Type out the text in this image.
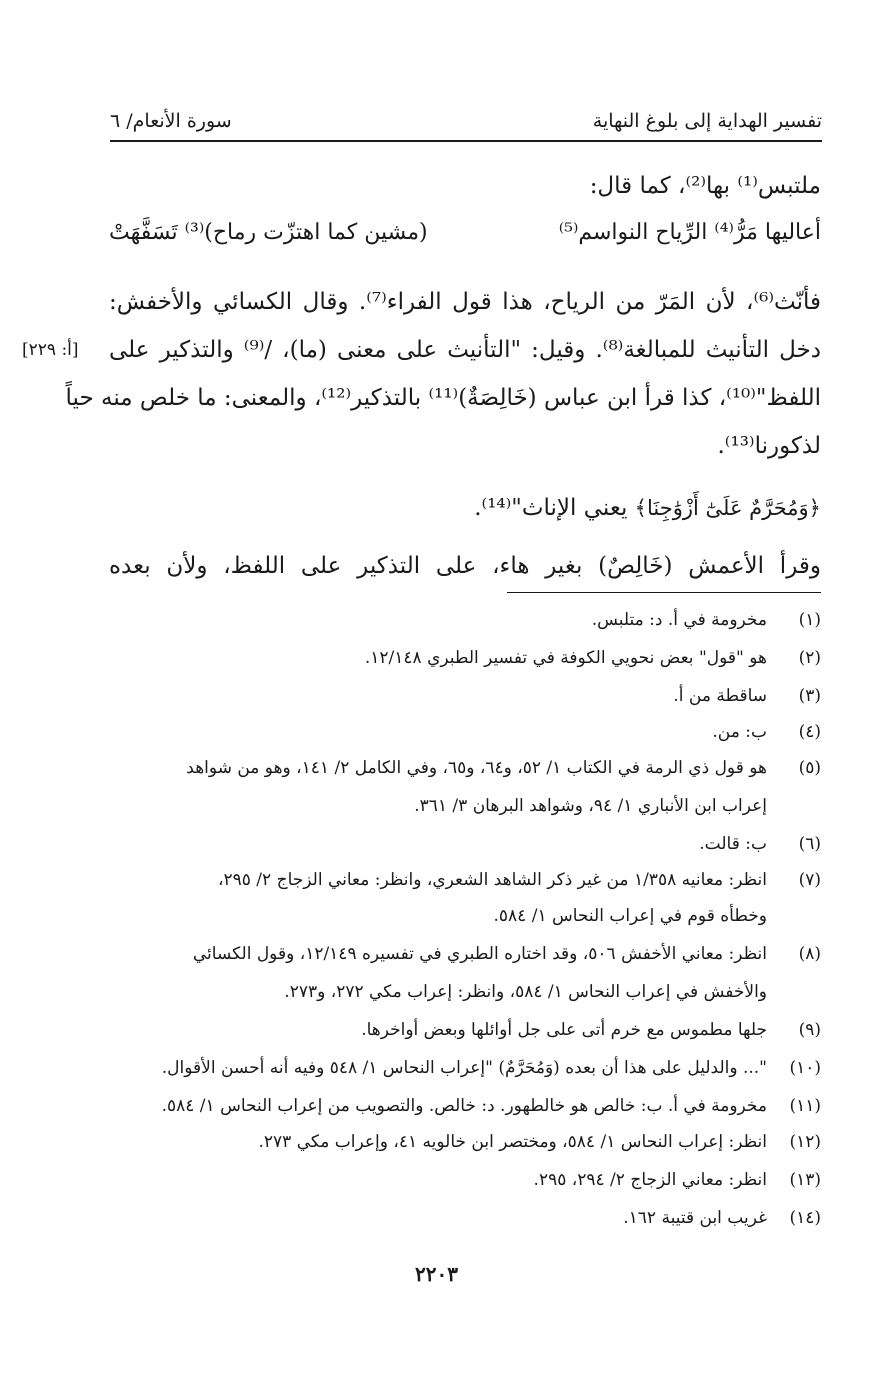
تفسير الهداية إلى بلوغ النهاية
سورة الأنعام/ ٦
ملتبس⁽¹⁾ بها⁽²⁾، كما قال:
أعاليها مَرُّ⁽⁴⁾ الرِّياح النواسم⁽⁵⁾
(مشين كما اهتزّت رماح)⁽³⁾ تَسَفَّهَتْ
فأنّث⁽⁶⁾، لأن المَرّ من الرياح، هذا قول الفراء⁽⁷⁾. وقال الكسائي والأخفش:
دخل التأنيث للمبالغة⁽⁸⁾. وقيل: "التأنيث على معنى (ما)، /⁽⁹⁾ والتذكير على
[أ: ٢٢٩]
اللفظ"⁽¹⁰⁾، كذا قرأ ابن عباس (خَالِصَةٌ)⁽¹¹⁾ بالتذكير⁽¹²⁾، والمعنى: ما خلص منه حياً
لذكورنا⁽¹³⁾.
﴿وَمُحَرَّمٌ عَلَىٰٓ أَزْوَٰجِنَا﴾ يعني الإناث"⁽¹⁴⁾.
وقرأ الأعمش (خَالِصٌ) بغير هاء، على التذكير على اللفظ، ولأن بعده
(١)
مخرومة في أ. د: متلبس.
(٢)
هو "قول" بعض نحويي الكوفة في تفسير الطبري ١٢/١٤٨.
(٣)
ساقطة من أ.
(٤)
ب: من.
(٥)
هو قول ذي الرمة في الكتاب ١/ ٥٢، و٦٤، و٦٥، وفي الكامل ٢/ ١٤١، وهو من شواهد
إعراب ابن الأنباري ١/ ٩٤، وشواهد البرهان ٣/ ٣٦١.
(٦)
ب: قالت.
(٧)
انظر: معانيه ١/٣٥٨ من غير ذكر الشاهد الشعري، وانظر: معاني الزجاج ٢/ ٢٩٥،
وخطأه قوم في إعراب النحاس ١/ ٥٨٤.
(٨)
انظر: معاني الأخفش ٥٠٦، وقد اختاره الطبري في تفسيره ١٢/١٤٩، وقول الكسائي
والأخفش في إعراب النحاس ١/ ٥٨٤، وانظر: إعراب مكي ٢٧٢، و٢٧٣.
(٩)
جلها مطموس مع خرم أتى على جل أوائلها وبعض أواخرها.
(١٠)
"... والدليل على هذا أن بعده (وَمُحَرَّمٌ) "إعراب النحاس ١/ ٥٤٨ وفيه أنه أحسن الأقوال.
(١١)
مخرومة في أ. ب: خالص هو خالطهور. د: خالص. والتصويب من إعراب النحاس ١/ ٥٨٤.
(١٢)
انظر: إعراب النحاس ١/ ٥٨٤، ومختصر ابن خالويه ٤١، وإعراب مكي ٢٧٣.
(١٣)
انظر: معاني الزجاج ٢/ ٢٩٤، ٢٩٥.
(١٤)
غريب ابن قتيبة ١٦٢.
٢٢٠٣
